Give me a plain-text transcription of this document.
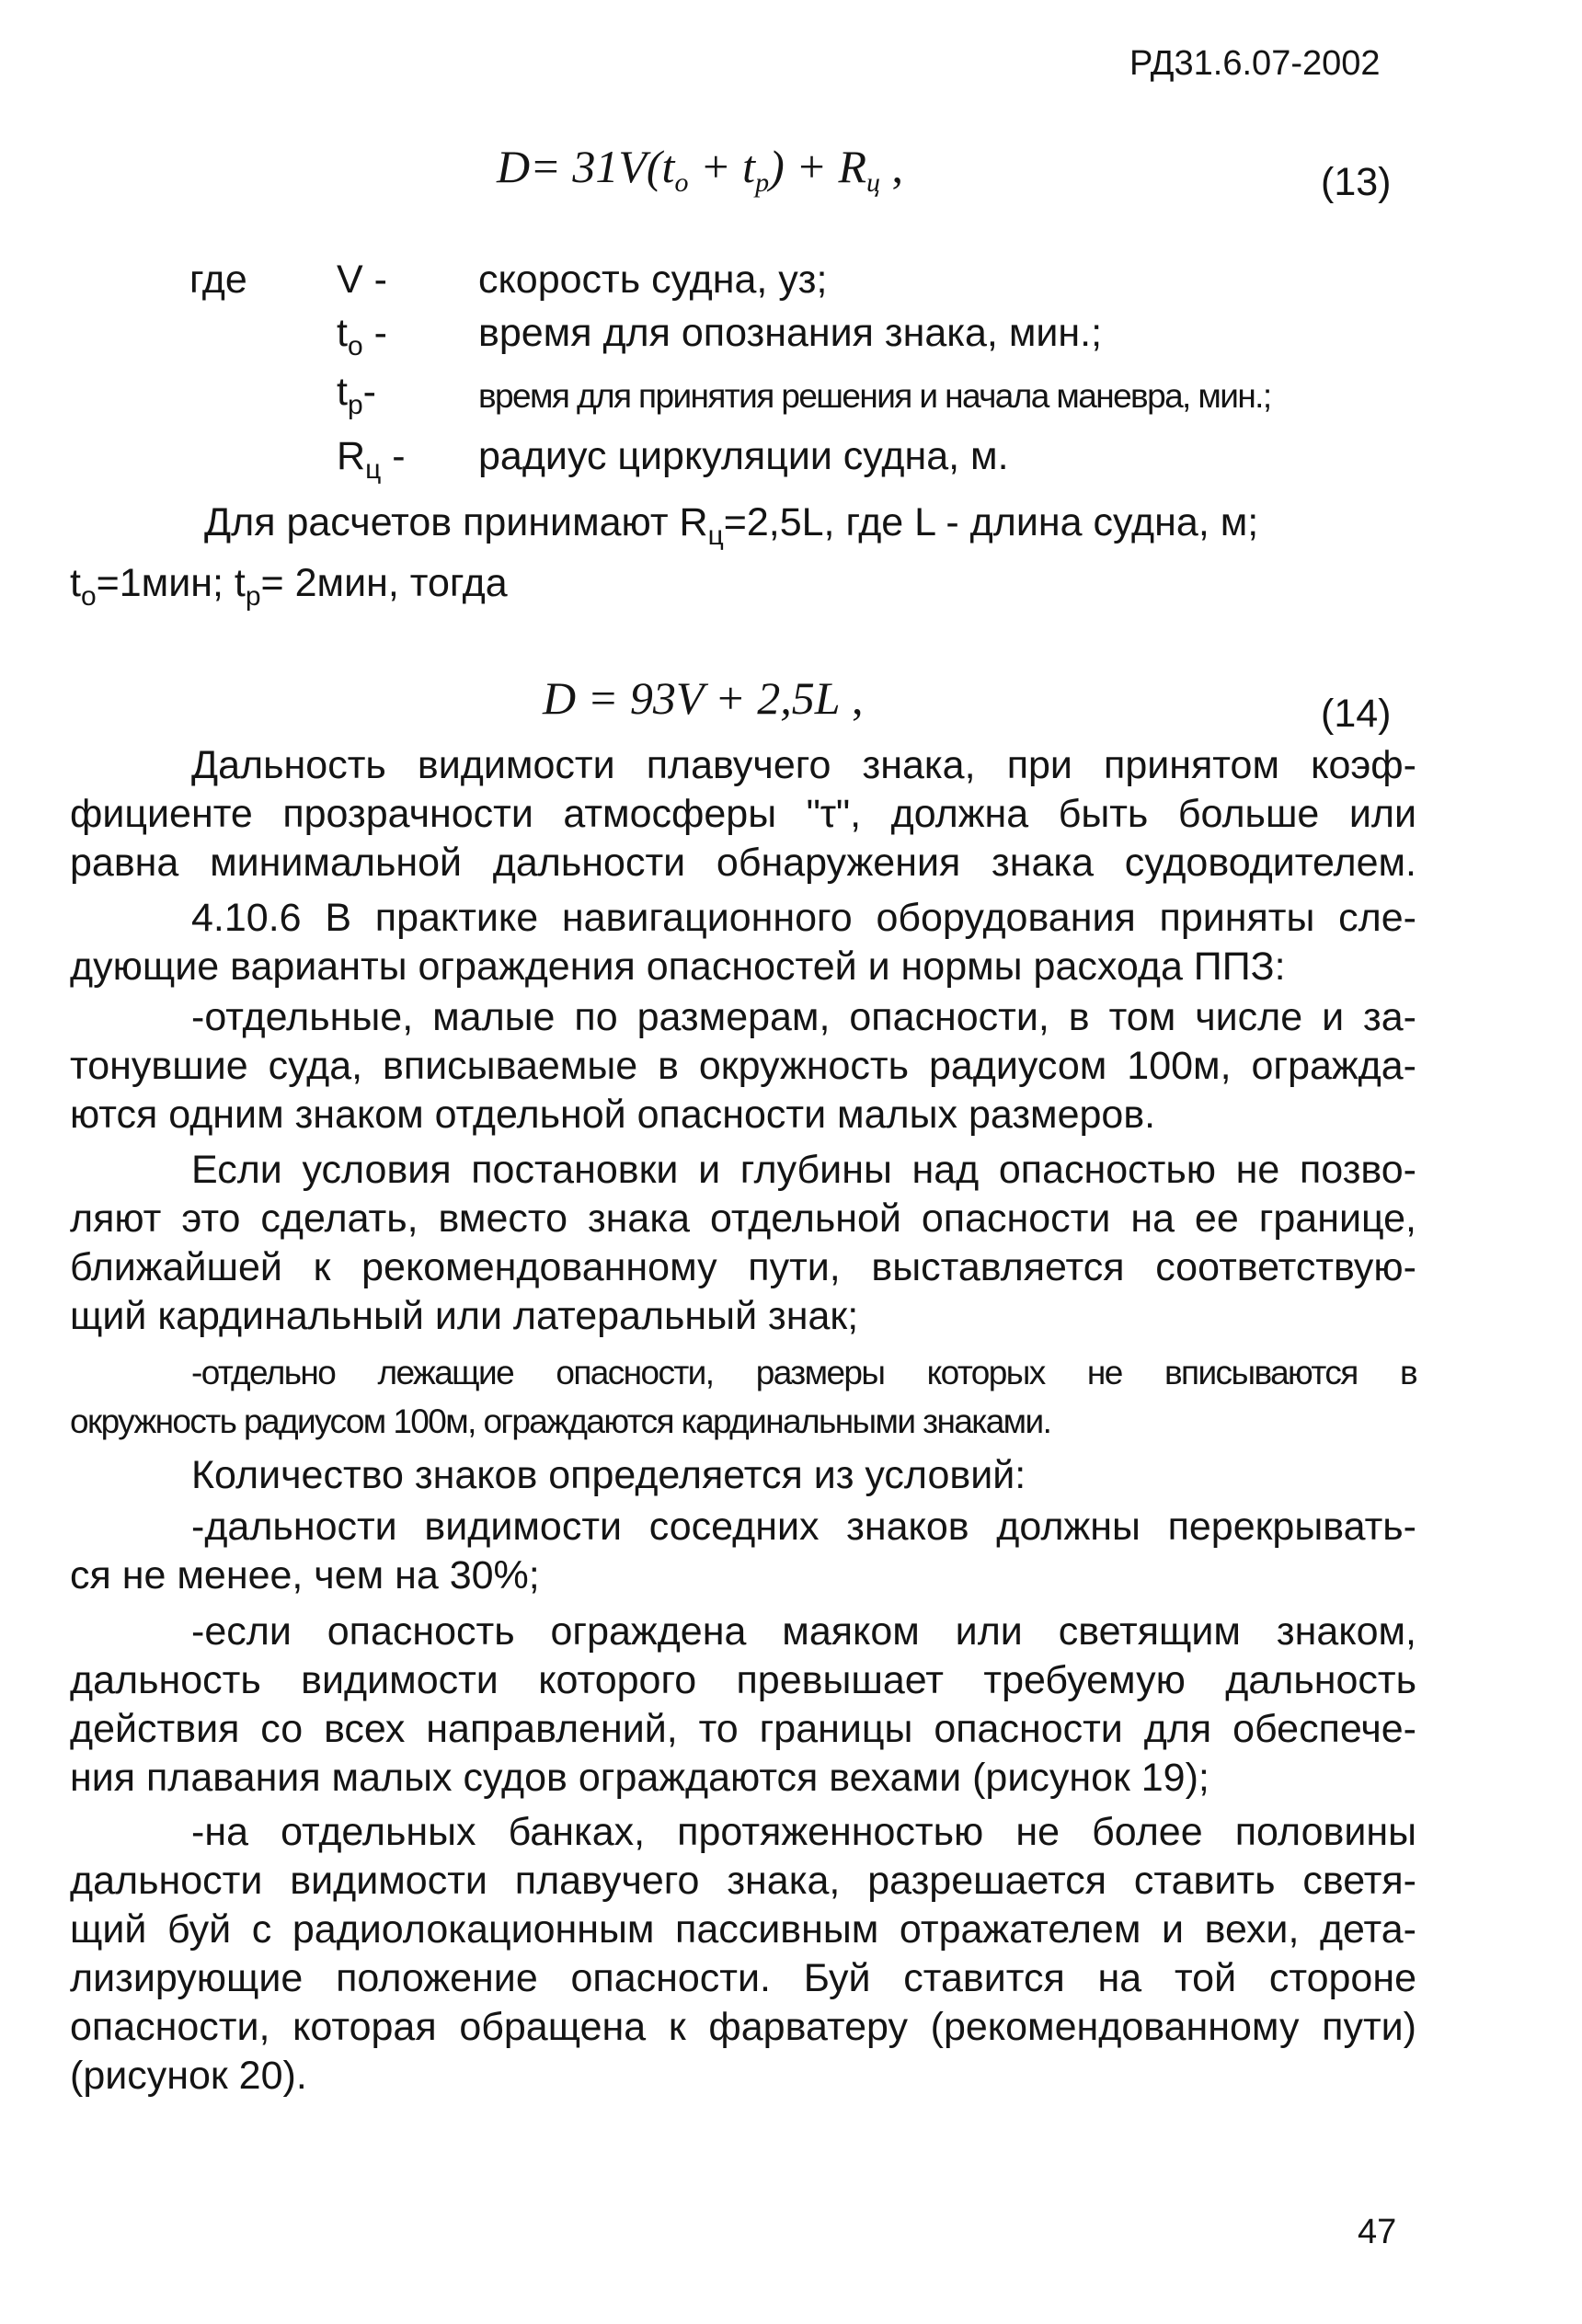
РД31.6.07-2002
$D= 31V(t_o + t_p) + R_ц$ ,	(13)
где V - скорость судна, уз;
$t_о$ - время для опознания знака, мин.;
$t_р-$	время для принятия решения и начала маневра, мин.;
$R_ц$ - радиус циркуляции судна, м.
Для расчетов принимают $R_ц=2,5L$, где L - длина судна, м;
$t_о=1мин$; $t_р= 2мин$, тогда
D = 93V + 2,5L ,	(14)
Дальность видимости плавучего знака, при принятом коэф-
фициенте прозрачности атмосферы "τ", должна быть больше или
равна минимальной дальности обнаружения знака судоводителем.
4.10.6 В практике навигационного оборудования приняты сле-
дующие варианты ограждения опасностей и нормы расхода ППЗ:
-отдельные, малые по размерам, опасности, в том числе и за-
тонувшие суда, вписываемые в окружность радиусом 100м, огражда-
ются одним знаком отдельной опасности малых размеров.
Если условия постановки и глубины над опасностью не позво-
ляют это сделать, вместо знака отдельной опасности на ее границе,
ближайшей к рекомендованному пути, выставляется соответствую-
щий кардинальный или латеральный знак;
-отдельно лежащие опасности, размеры которых не вписываются в
окружность радиусом 100м, ограждаются кардинальными знаками.
Количество знаков определяется из условий:
-дальности видимости соседних знаков должны перекрывать-
ся не менее, чем на 30%;
-если опасность ограждена маяком или светящим знаком,
дальность видимости которого превышает требуемую дальность
действия со всех направлений, то границы опасности для обеспече-
ния плавания малых судов ограждаются вехами (рисунок 19);
-на отдельных банках, протяженностью не более половины
дальности видимости плавучего знака, разрешается ставить светя-
щий буй с радиолокационным пассивным отражателем и вехи, дета-
лизирующие положение опасности. Буй ставится на той стороне
опасности, которая обращена к фарватеру (рекомендованному пути)
(рисунок 20).
47
